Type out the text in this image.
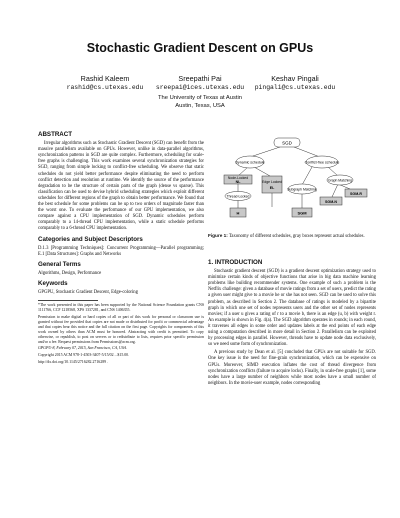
Stochastic Gradient Descent on GPUs
Rashid Kaleem
rashid@cs.utexas.edu
Sreepathi Pai
sreepai@ices.utexas.edu
Keshav Pingali
pingali@cs.utexas.edu
The University of Texas at Austin
Austin, Texas, USA
ABSTRACT

Irregular algorithms such as Stochastic Gradient Descent (SGD) can benefit from the massive parallelism available on GPUs. However, unlike in data-parallel algorithms, synchronization patterns in SGD are quite complex. Furthermore, scheduling for scale-free graphs is challenging. This work examines several synchronization strategies for SGD, ranging from simple locking to conflict-free scheduling. We observe that static schedules do not yield better performance despite eliminating the need to perform conflict detection and resolution at runtime. We identify the source of the performance degradation to be the structure of certain parts of the graph (dense vs sparse). This classification can be used to devise hybrid scheduling strategies which exploit different schedules for different regions of the graph to obtain better performance. We found that the best schedule for some problems can be up to two orders of magnitude faster than the worst one. To evaluate the performance of our GPU implementation, we also compare against a CPU implementation of SGD. Dynamic schedules perform comparably to a 14-thread CPU implementation, while a static schedule performs comparably to a 6-thread CPU implementation.

Categories and Subject Descriptors

D.1.3 [Programming Techniques]: Concurrent Programming—Parallel programming; E.1 [Data Structures]: Graphs and Networks

General Terms

Algorithms, Design, Performance

Keywords

GPGPU, Stochastic Gradient Descent, Edge-coloring

*The work presented in this paper has been supported by the National Science Foundation grants CNS 1111766, CCF 1218568, XPS 1337281, and CNS 1406355.

Permission to make digital or hard copies of all or part of this work for personal or classroom use is granted without fee provided that copies are not made or distributed for profit or commercial advantage and that copies bear this notice and the full citation on the first page. Copyrights for components of this work owned by others than ACM must be honored. Abstracting with credit is permitted. To copy otherwise, or republish, to post on servers or to redistribute to lists, requires prior specific permission and/or a fee. Request permissions from Permissions@acm.org.

GPGPU-8, February 07, 2015, San Francisco, CA, USA.

Copyright 2015 ACM 978-1-4503-3407-5/15/02 ...$15.00.

http://dx.doi.org/10.1145/2716282.2716289 .

SGD
Dynamic schedule	Conflict-free schedule
Node-Locked
NL	Edge Locked
EL
Graph Matching
Subgraph Matching
Thread-Locked
H	SGM
SGM-R
SGM-N
Figure 1: Taxonomy of different schedules, gray boxes represent actual schedules.
1. INTRODUCTION

Stochastic gradient descent (SGD) is a gradient descent optimization strategy used to minimize certain kinds of objective functions that arise in big data machine learning problems like building recommender systems. One example of such a problem is the Netflix challenge: given a database of movie ratings from a set of users, predict the rating a given user might give to a movie he or she has not seen. SGD can be used to solve this problem, as described in Section 2. The database of ratings is modeled by a bipartite graph in which one set of nodes represents users and the other set of nodes represents movies; if a user u gives a rating of r to a movie b, there is an edge (u, b) with weight r. An example is shown in Fig. 4(a). The SGD algorithm operates in rounds; in each round, it traverses all edges in some order and updates labels at the end points of each edge using a computation described in more detail in Section 2. Parallelism can be exploited by processing edges in parallel. However, threads have to update node data exclusively, so we need some form of synchronization.

A previous study by Dean et al. [5] concluded that GPUs are not suitable for SGD. One key issue is the need for fine-grain synchronization, which can be expensive on GPUs. Moreover, SIMD execution inflates the cost of thread divergence from synchronization conflicts (failure to acquire locks). Finally, in scale-free graphs [1], some nodes have a large number of neighbors while most nodes have a small number of neighbors. In the movie-user example, nodes corresponding
